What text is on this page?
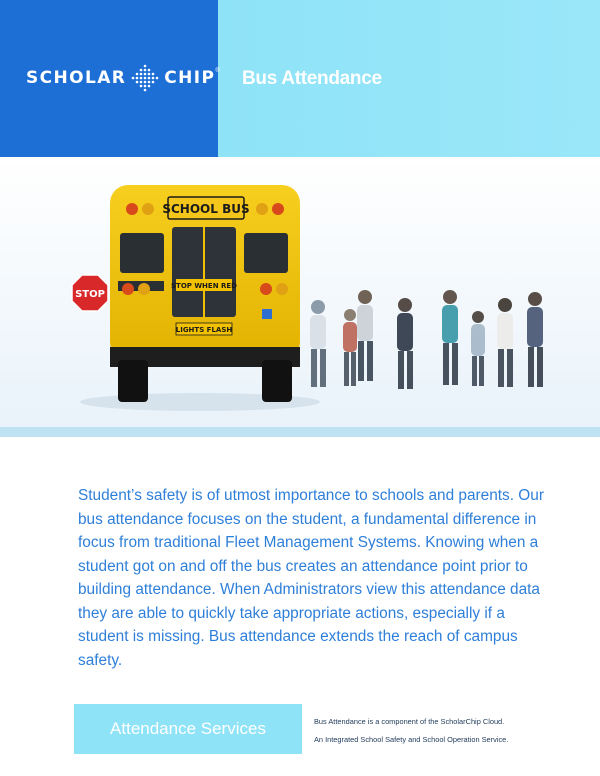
SCHOLAR CHIP ® Bus Attendance
SCHOOL BUS
STOP WHEN RED
LIGHTS FLASH
STOP

Student’s safety is of utmost importance to schools and parents. Our bus attendance focuses on the student, a fundamental difference in focus from traditional Fleet Management Systems. Knowing when a student got on and off the bus creates an attendance point prior to building attendance. When Administrators view this attendance data they are able to quickly take appropriate actions, especially if a student is missing. Bus attendance extends the reach of campus safety.

Attendance Services	Bus Attendance is a component of the ScholarChip Cloud.
An Integrated School Safety and School Operation Service.
